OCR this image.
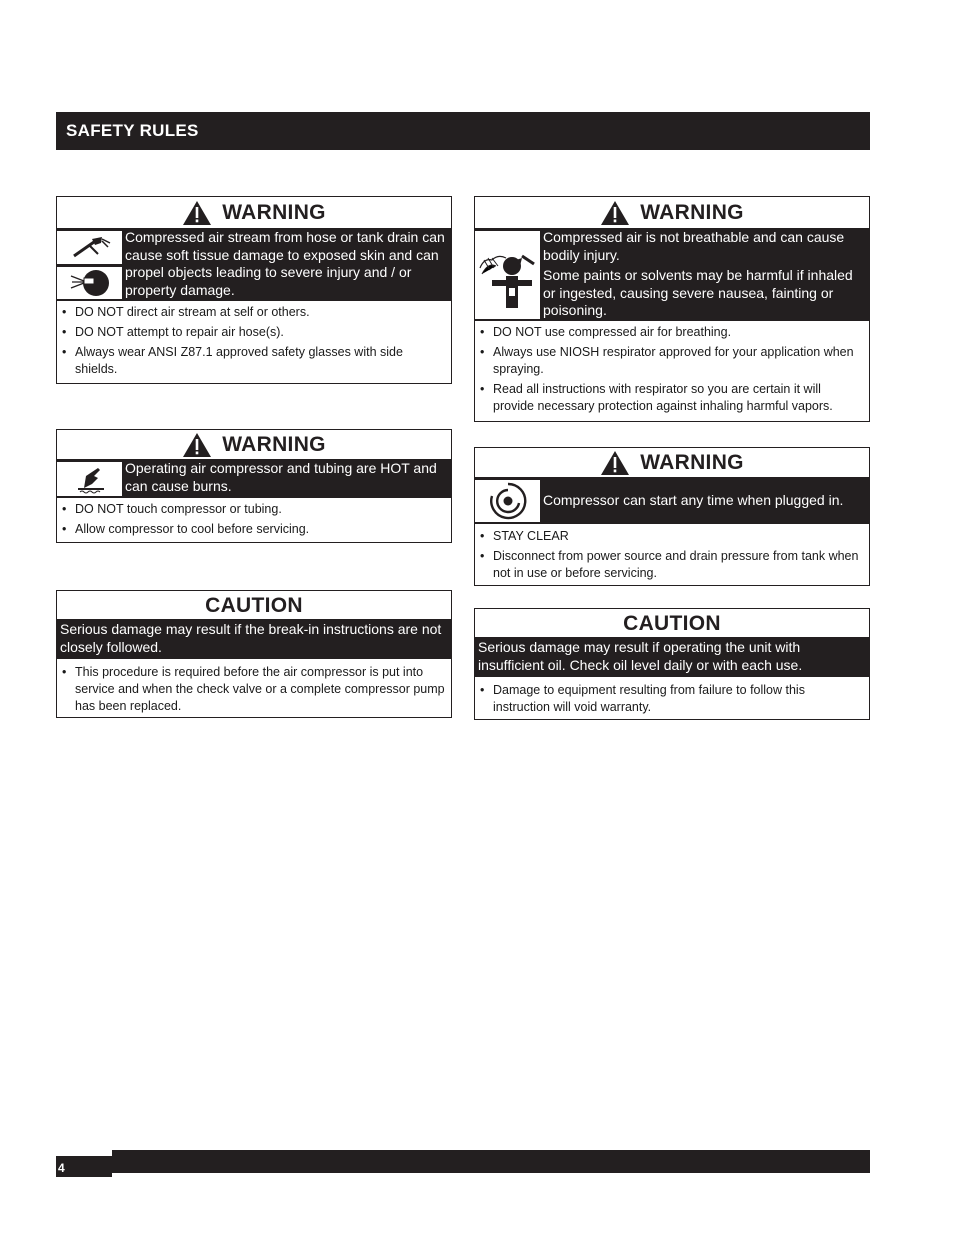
SAFETY RULES
WARNING
Compressed air stream from hose or tank drain can cause soft tissue damage to exposed skin and can propel objects leading to severe injury and / or property damage.
• DO NOT direct air stream at self or others.
• DO NOT attempt to repair air hose(s).
• Always wear ANSI Z87.1 approved safety glasses with side shields.
WARNING
Operating air compressor and tubing are HOT and can cause burns.
• DO NOT touch compressor or tubing.
• Allow compressor to cool before servicing.
CAUTION
Serious damage may result if the break-in instructions are not closely followed.
• This procedure is required before the air compressor is put into service and when the check valve or a complete compressor pump has been replaced.
WARNING

Compressed air is not breathable and can cause bodily injury.

Some paints or solvents may be harmful if inhaled or ingested, causing severe nausea, fainting or poisoning.

• DO NOT use compressed air for breathing.
• Always use NIOSH respirator approved for your application when spraying.
• Read all instructions with respirator so you are certain it will provide necessary protection against inhaling harmful vapors.
WARNING
Compressor can start any time when plugged in.
• STAY CLEAR
• Disconnect from power source and drain pressure from tank when not in use or before servicing.
CAUTION
Serious damage may result if operating the unit with insufficient oil. Check oil level daily or with each use.
• Damage to equipment resulting from failure to follow this instruction will void warranty.
4
